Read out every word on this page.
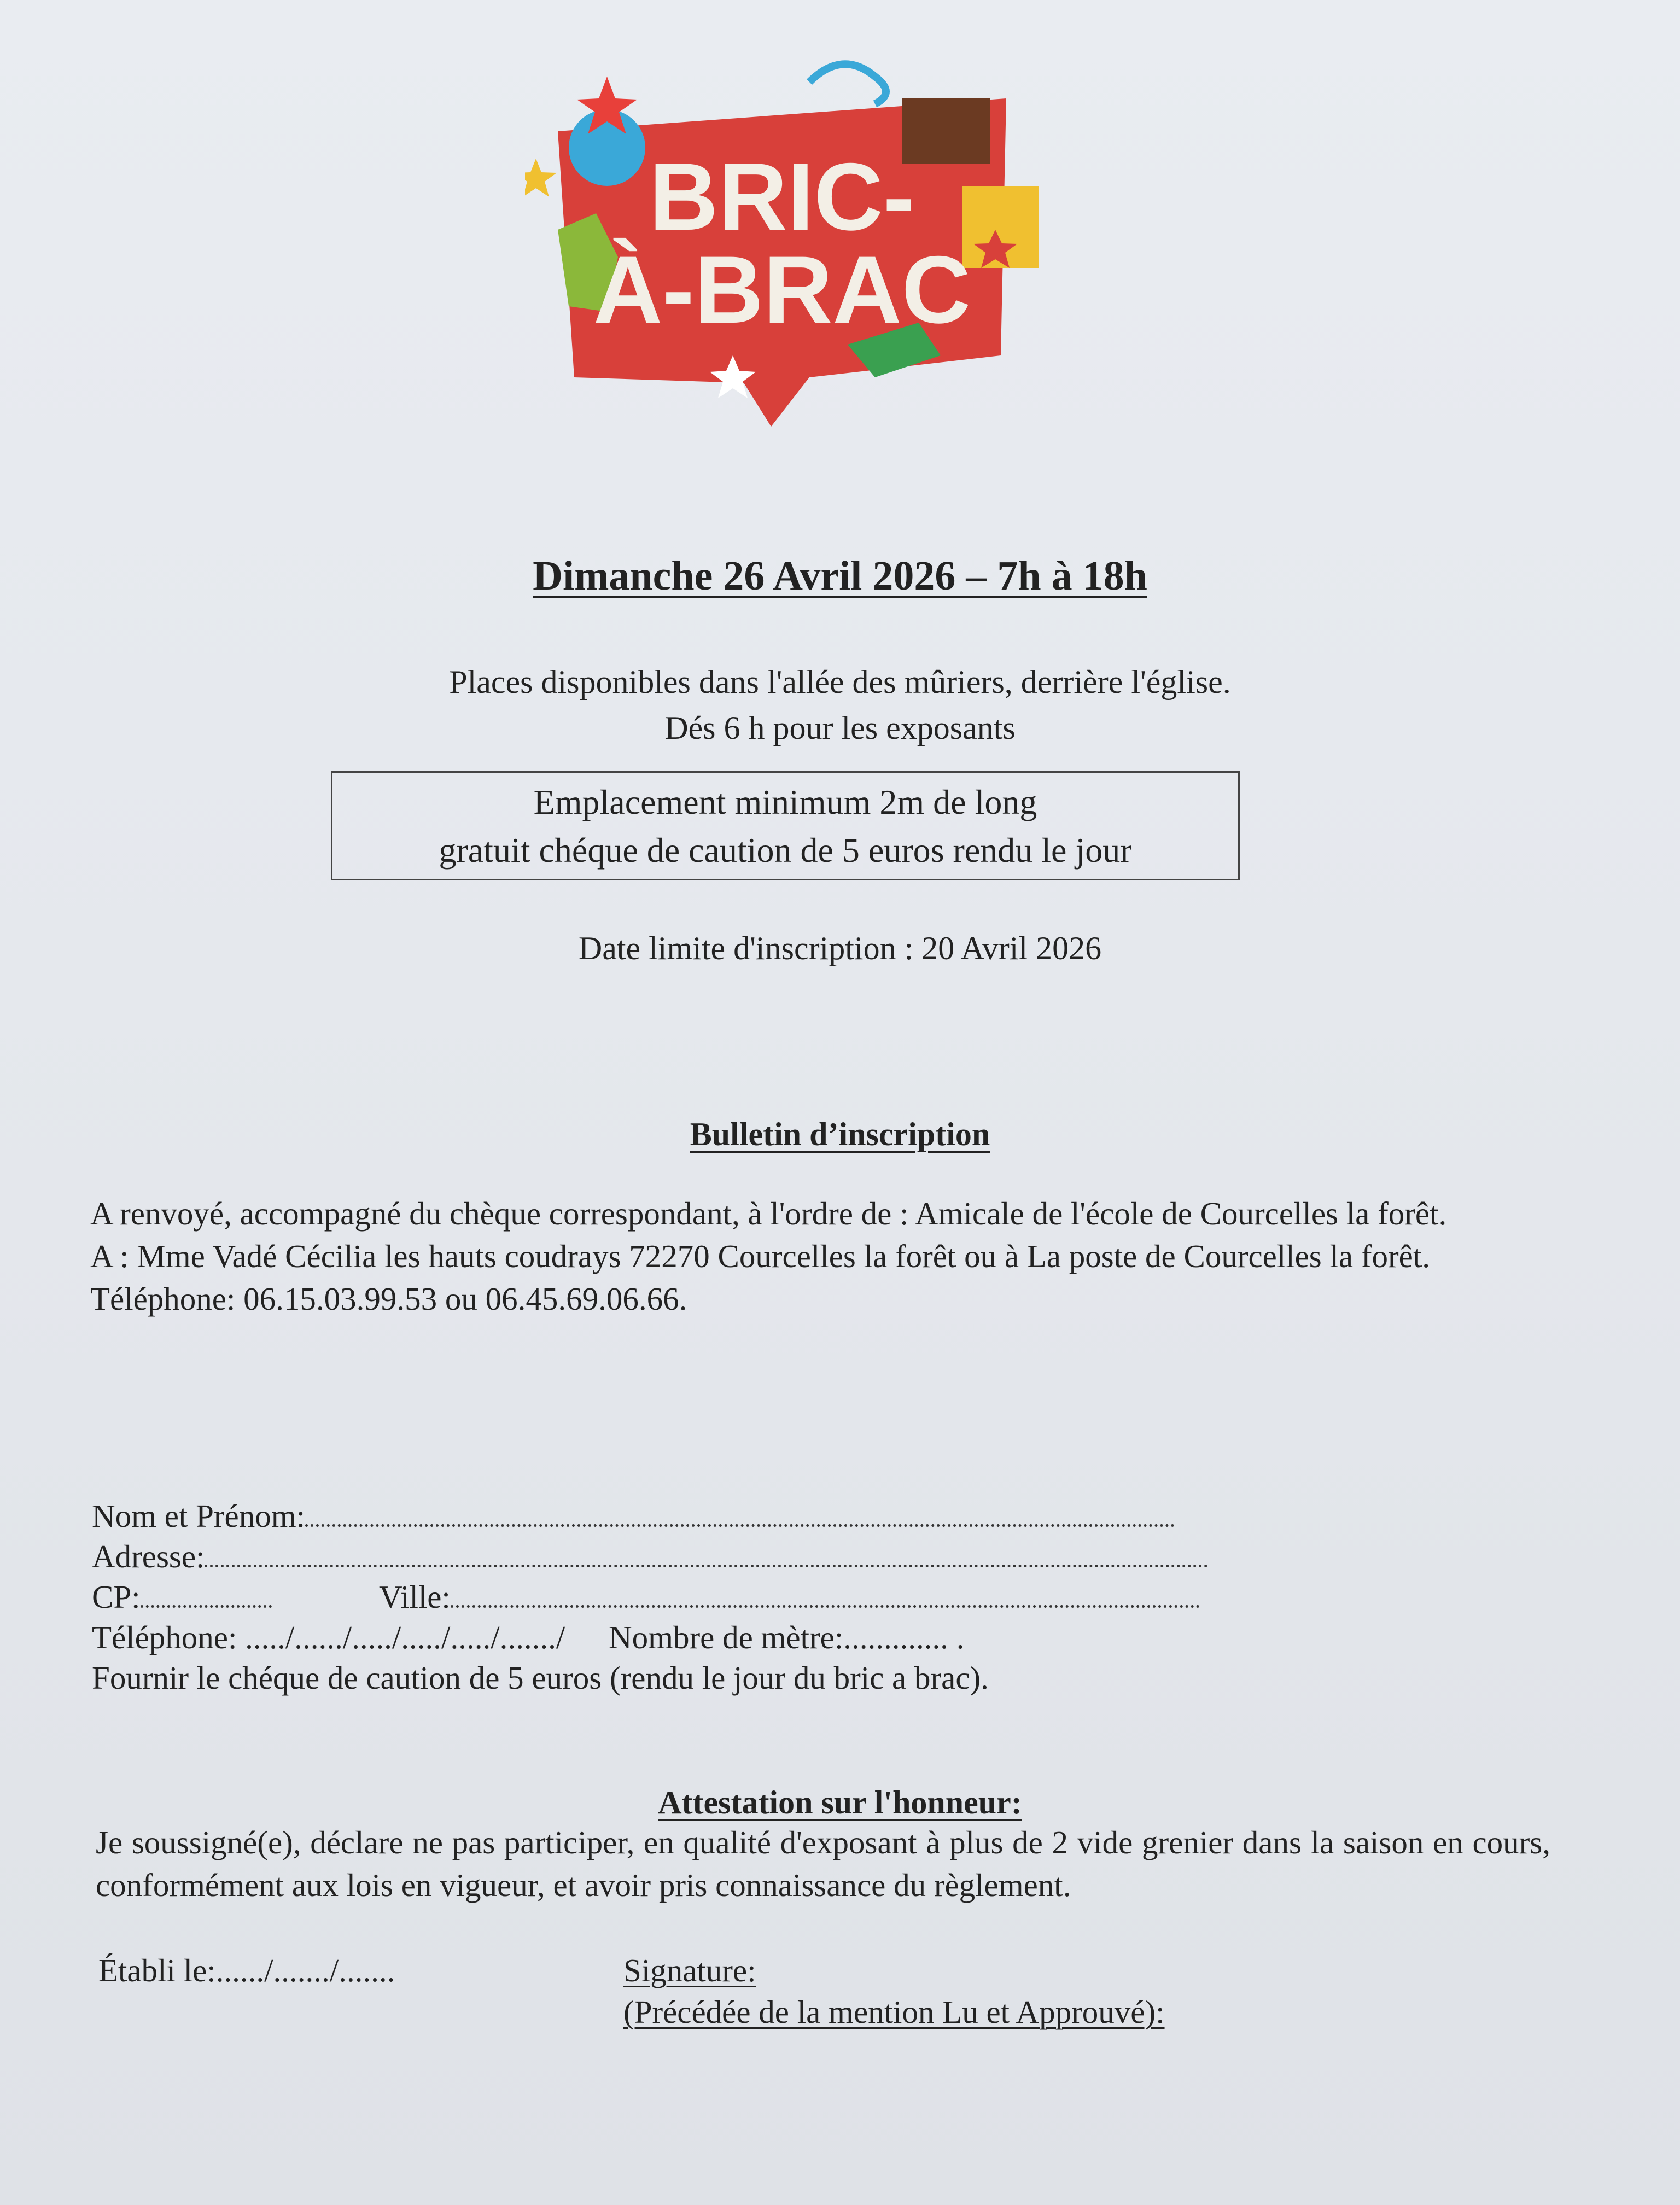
BRIC-
À-BRAC
Dimanche 26 Avril 2026 – 7h à 18h
Places disponibles dans l'allée des mûriers, derrière l'église.
Dés 6 h pour les exposants
Emplacement minimum 2m de long
gratuit chéque de caution de 5 euros rendu le jour
Date limite d'inscription : 20 Avril 2026
Bulletin d’inscription

A renvoyé, accompagné du chèque correspondant, à l'ordre de : Amicale de l'école de Courcelles la forêt.

A : Mme Vadé Cécilia les hauts coudrays 72270 Courcelles la forêt ou à La poste de Courcelles la forêt.

Téléphone: 06.15.03.99.53 ou 06.45.69.06.66.

Nom et Prénom:
Adresse:
CP:	Ville:
Téléphone: ...../....../...../...../...../......./ Nombre de mètre:............. .
Fournir le chéque de caution de 5 euros (rendu le jour du bric a brac).
Attestation sur l'honneur:
Je soussigné(e), déclare ne pas participer, en qualité d'exposant à plus de 2 vide grenier dans la saison en cours, conformément aux lois en vigueur, et avoir pris connaissance du règlement.
Établi le:....../......./.......	Signature:
(Précédée de la mention Lu et Approuvé):
